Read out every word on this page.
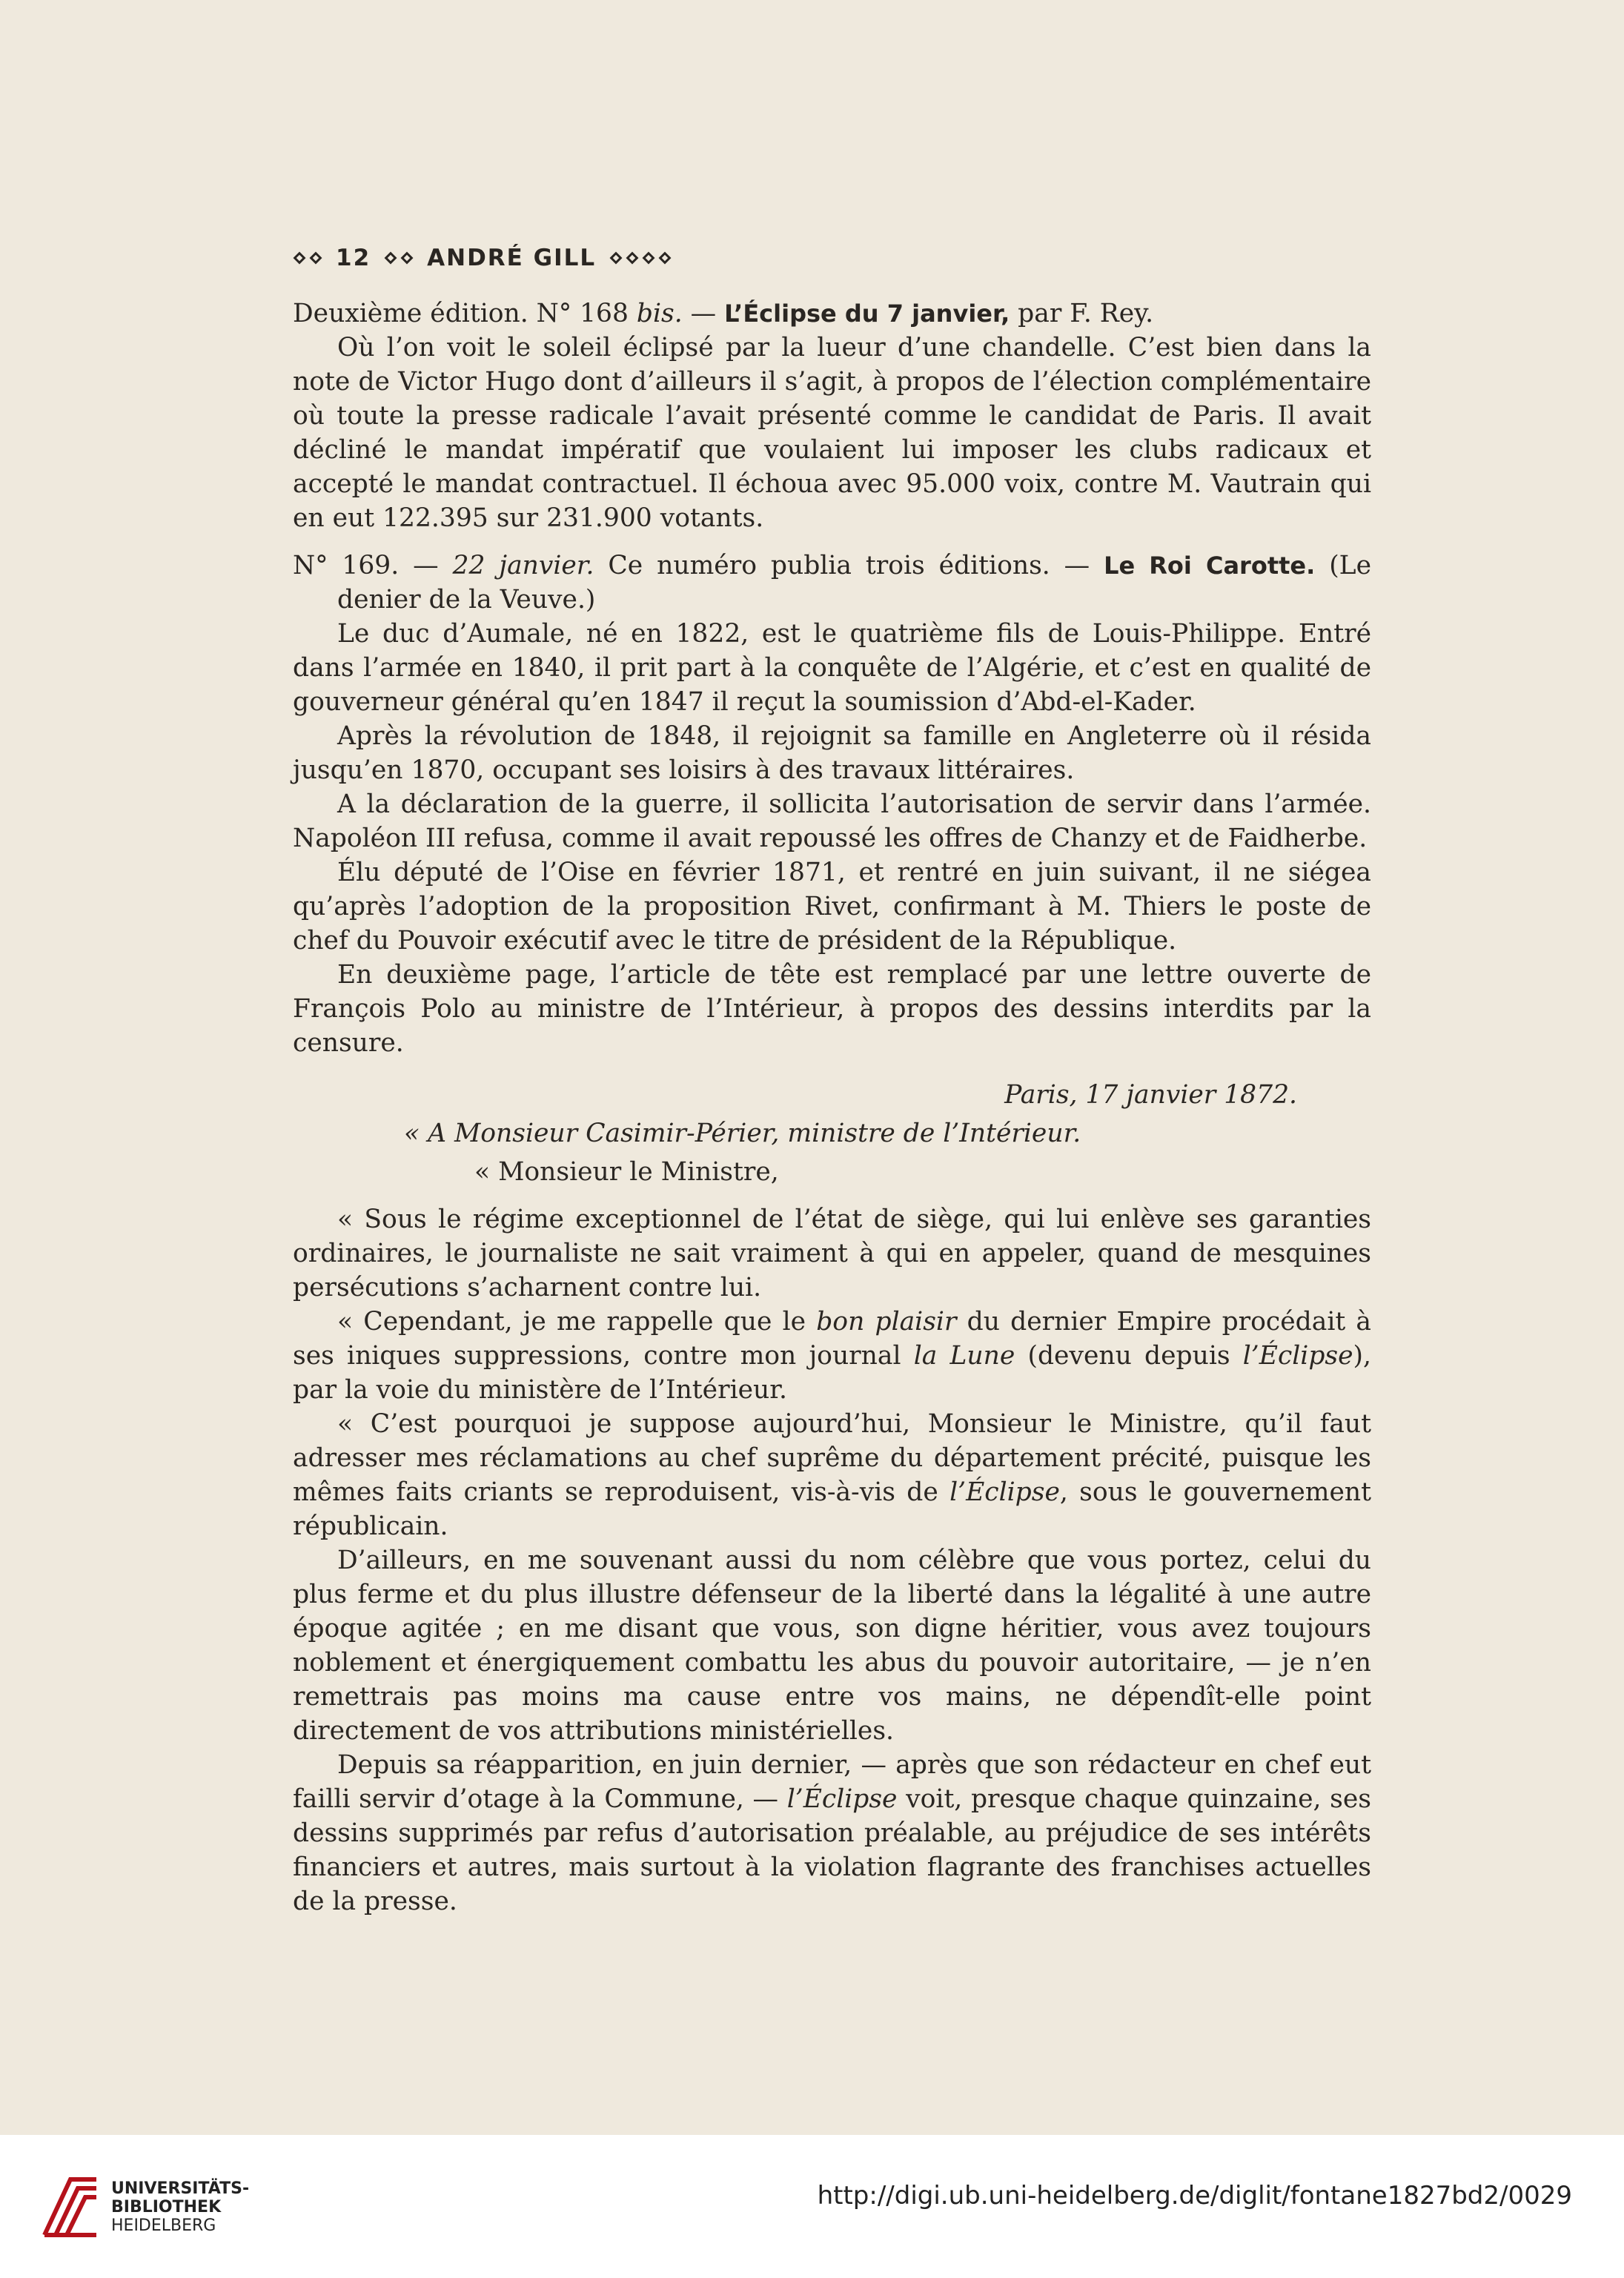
12 ANDRÉ GILL

Deuxième édition. N° 168 bis. — L’Éclipse du 7 janvier, par F. Rey.

Où l’on voit le soleil éclipsé par la lueur d’une chandelle. C’est bien dans la note de Victor Hugo dont d’ailleurs il s’agit, à propos de l’élection complémentaire où toute la presse radicale l’avait présenté comme le candidat de Paris. Il avait décliné le mandat impératif que voulaient lui imposer les clubs radicaux et accepté le mandat contractuel. Il échoua avec 95.000 voix, contre M. Vautrain qui en eut 122.395 sur 231.900 votants.

N° 169. — 22 janvier. Ce numéro publia trois éditions. — Le Roi Carotte. (Le denier de la Veuve.)

Le duc d’Aumale, né en 1822, est le quatrième fils de Louis-Philippe. Entré dans l’armée en 1840, il prit part à la conquête de l’Algérie, et c’est en qualité de gouverneur général qu’en 1847 il reçut la soumission d’Abd-el-Kader.

Après la révolution de 1848, il rejoignit sa famille en Angleterre où il résida jusqu’en 1870, occupant ses loisirs à des travaux littéraires.

A la déclaration de la guerre, il sollicita l’autorisation de servir dans l’armée. Napoléon III refusa, comme il avait repoussé les offres de Chanzy et de Faidherbe.

Élu député de l’Oise en février 1871, et rentré en juin suivant, il ne siégea qu’après l’adoption de la proposition Rivet, confirmant à M. Thiers le poste de chef du Pouvoir exécutif avec le titre de président de la République.

En deuxième page, l’article de tête est remplacé par une lettre ouverte de François Polo au ministre de l’Intérieur, à propos des dessins interdits par la censure.

Paris, 17 janvier 1872.

« A Monsieur Casimir-Périer, ministre de l’Intérieur.

« Monsieur le Ministre,

« Sous le régime exceptionnel de l’état de siège, qui lui enlève ses garanties ordinaires, le journaliste ne sait vraiment à qui en appeler, quand de mesquines persécutions s’acharnent contre lui.

« Cependant, je me rappelle que le bon plaisir du dernier Empire procédait à ses iniques suppressions, contre mon journal la Lune (devenu depuis l’Éclipse), par la voie du ministère de l’Intérieur.

« C’est pourquoi je suppose aujourd’hui, Monsieur le Ministre, qu’il faut adresser mes réclamations au chef suprême du département précité, puisque les mêmes faits criants se reproduisent, vis-à-vis de l’Éclipse, sous le gouvernement républicain.

D’ailleurs, en me souvenant aussi du nom célèbre que vous portez, celui du plus ferme et du plus illustre défenseur de la liberté dans la légalité à une autre époque agitée ; en me disant que vous, son digne héritier, vous avez toujours noblement et énergiquement combattu les abus du pouvoir autoritaire, — je n’en remettrais pas moins ma cause entre vos mains, ne dépendît-elle point directement de vos attributions ministérielles.

Depuis sa réapparition, en juin dernier, — après que son rédacteur en chef eut failli servir d’otage à la Commune, — l’Éclipse voit, presque chaque quinzaine, ses dessins supprimés par refus d’autorisation préalable, au préjudice de ses intérêts financiers et autres, mais surtout à la violation flagrante des franchises actuelles de la presse.

UNIVERSITÄTS-
BIBLIOTHEK
HEIDELBERG
http://digi.ub.uni-heidelberg.de/diglit/fontane1827bd2/0029
